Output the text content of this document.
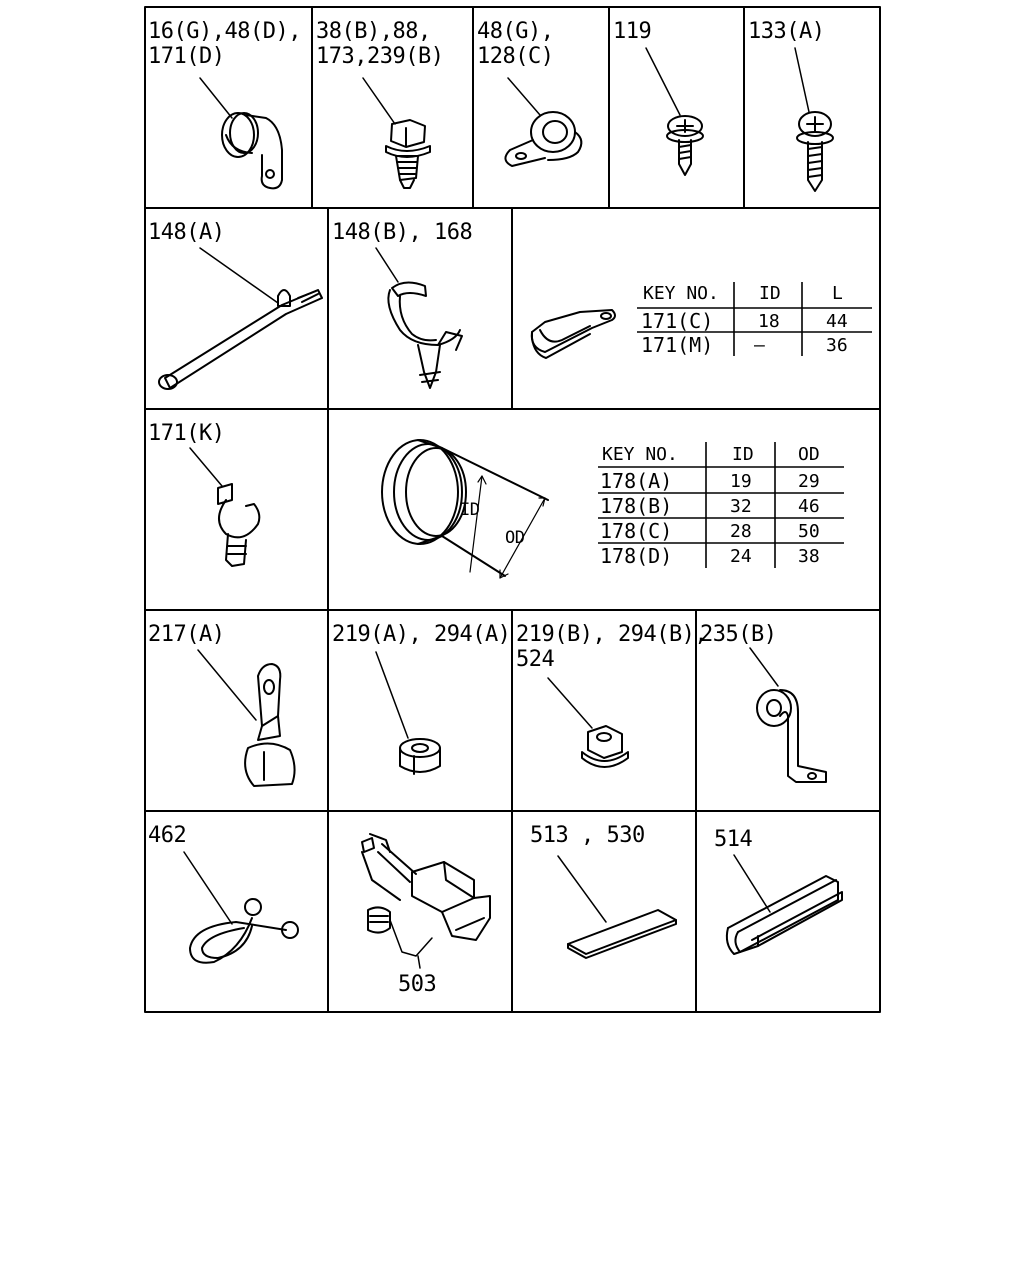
16(G),48(D),
171(D)
38(B),88,
173,239(B)
48(G),
128(C)
119	133(A)
148(A)	148(B), 168
171(K)
217(A)	219(A), 294(A) 219(B), 294(B),
524
235(B)
462
503
513 , 530	514
ID
OD
KEY NO. ID	L
171(C) 18	44
171(M) —	36
KEY NO.	ID OD
178(A)	19	29
178(B)	32	46
178(C)	28	50
178(D)	24	38
